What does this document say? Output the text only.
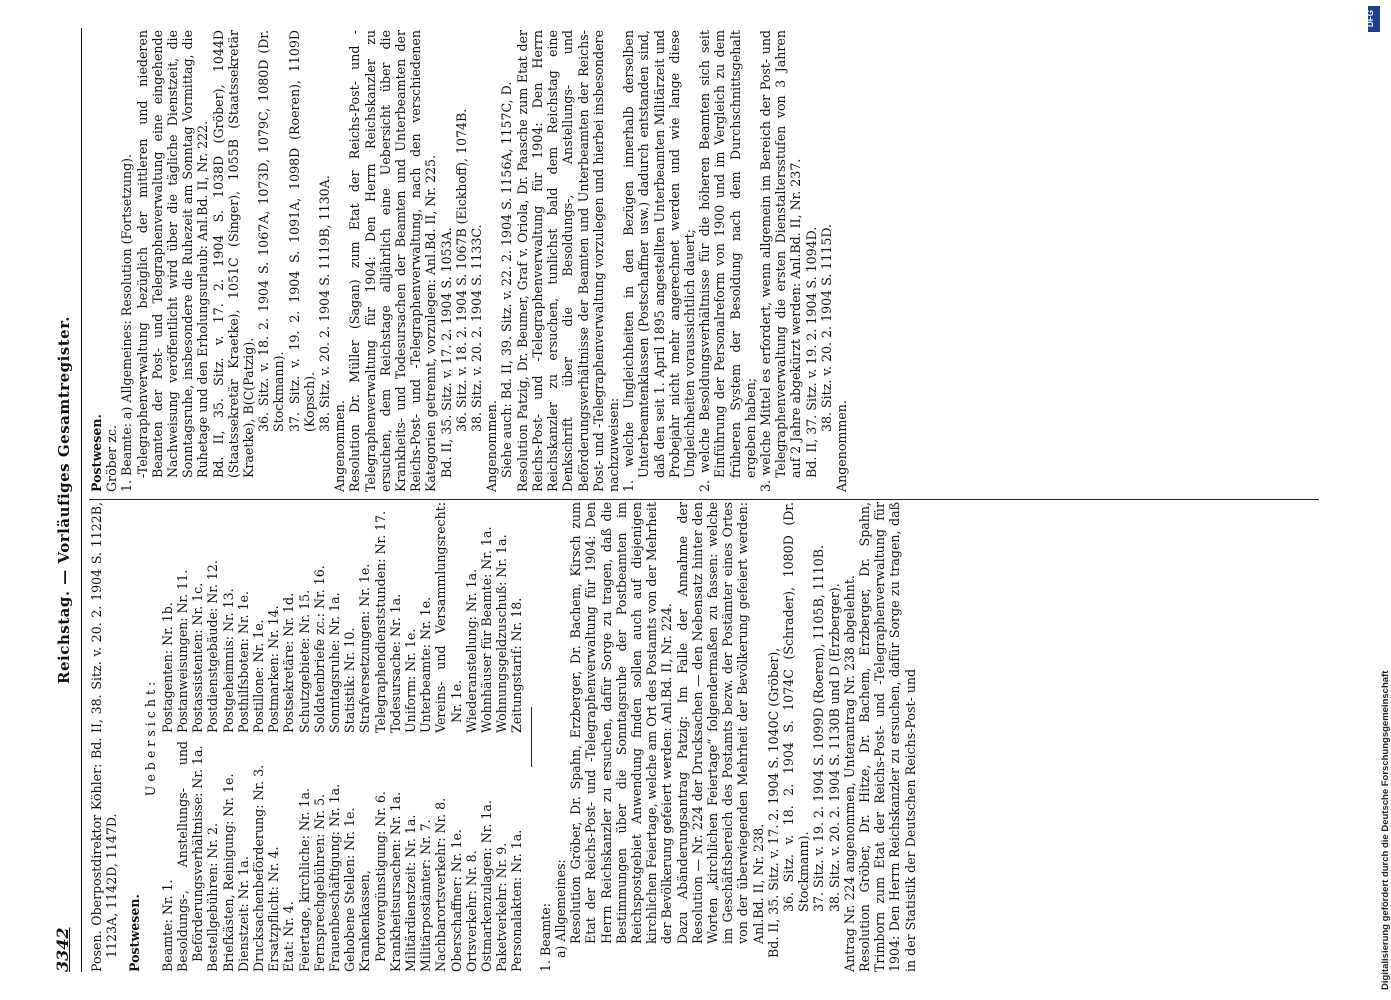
3342
Reichstag. — Vorläufiges Gesamtregister.

Posen. Oberpostdirektor Köhler: Bd. II, 38. Sitz. v. 20. 2. 1904 S. 1122B, 1123A, 1142D, 1147D. Postwesen.

Uebersicht:

Beamte: Nr. 1. Besoldungs-, Anstellungs- und Beförderungsverhältnisse: Nr. 1a. Bestellgebühren: Nr. 2. Briefkästen, Reinigung: Nr. 1e. Dienstzeit: Nr. 1a. Drucksachenbeförderung: Nr. 3. Ersatzpflicht: Nr. 4. Etat: Nr. 4. Feiertage, kirchliche: Nr. 1a. Fernsprechgebühren: Nr. 5. Frauenbeschäftigung: Nr. 1a. Gehobene Stellen: Nr. 1e. Krankenkassen, Portovergünstigung: Nr. 6. Krankheitsursachen: Nr. 1a. Militärdienstzeit: Nr. 1a. Militärpostämter: Nr. 7. Nachbarortsverkehr: Nr. 8. Oberschaffner: Nr. 1e. Ortsverkehr: Nr. 8. Ostmarkenzulagen: Nr. 1a. Paketverkehr: Nr. 9. Personalakten: Nr. 1a.

Postagenten: Nr. 1b. Postanweisungen: Nr. 11. Postassistenten: Nr. 1c. Postdienstgebäude: Nr. 12. Postgeheimnis: Nr. 13. Posthilfsboten: Nr. 1e. Postillone: Nr. 1e. Postmarken: Nr. 14. Postsekretäre: Nr. 1d. Schutzgebiete: Nr. 15. Soldatenbriefe zc.: Nr. 16. Sonntagsruhe: Nr. 1a. Statistik: Nr. 10. Strafversetzungen: Nr. 1e. Telegraphendienststunden: Nr. 17. Todesursache: Nr. 1a. Uniform: Nr. 1e. Unterbeamte: Nr. 1e. Vereins- und Versammlungsrecht: Nr. 1e. Wiederanstellung: Nr. 1a. Wohnhäuser für Beamte: Nr. 1a. Wohnungsgeldzuschuß: Nr. 1a. Zeitungstarif: Nr. 18.

1. Beamte: a) Allgemeines: Resolution Gröber, Dr. Spahn, Erzberger, Dr. Bachem, Kirsch zum Etat der Reichs-Post- und -Telegraphenverwaltung für 1904: Den Herrn Reichskanzler zu ersuchen, dafür Sorge zu tragen, daß die Bestimmungen über die Sonntagsruhe der Postbeamten im Reichspostgebiet Anwendung finden sollen auch auf diejenigen kirchlichen Feiertage, welche am Ort des Postamts von der Mehrheit der Bevölkerung gefeiert werden: Anl.Bd. II, Nr. 224. Dazu Abänderungsantrag Patzig: Im Falle der Annahme der Resolution — Nr. 224 der Drucksachen — den Nebensatz hinter den Worten „kirchlichen Feiertage“ folgendermaßen zu fassen: welche im Geschäftsbereich des Postamts bezw. der Postämter eines Ortes von der überwiegenden Mehrheit der Bevölkerung gefeiert werden: Anl.Bd. II, Nr. 238. Bd. II, 35. Sitz. v. 17. 2. 1904 S. 1040C (Gröber), 36. Sitz. v. 18. 2. 1904 S. 1074C (Schrader), 1080D (Dr. Stockmann). 37. Sitz. v. 19. 2. 1904 S. 1099D (Roeren), 1105B, 1110B. 38. Sitz. v. 20. 2. 1904 S. 1130B und D (Erzberger). Antrag Nr. 224 angenommen, Unterantrag Nr. 238 abgelehnt. Resolution Gröber, Dr. Hitze, Dr. Bachem, Erzberger, Dr. Spahn, Trimborn zum Etat der Reichs-Post- und -Telegraphenverwaltung für 1904: Den Herrn Reichskanzler zu ersuchen, dafür Sorge zu tragen, daß in der Statistik der Deutschen Reichs-Post- und

Postwesen. Gröber zc. 1. Beamte: a) Allgemeines: Resolution (Fortsetzung). -Telegraphenverwaltung bezüglich der mittleren und niederen Beamten der Post- und Telegraphenverwaltung eine eingehende Nachweisung veröffentlicht wird über die tägliche Dienstzeit, die Sonntagsruhe, insbesondere die Ruhezeit am Sonntag Vormittag, die Ruhetage und den Erholungsurlaub: Anl.Bd. II, Nr. 222. Bd. II, 35. Sitz. v. 17. 2. 1904 S. 1038D (Gröber), 1044D (Staatssekretär Kraetke), 1051C (Singer), 1055B (Staatssekretär Kraetke), B(C(Patzig). 36. Sitz. v. 18. 2. 1904 S. 1067A, 1073D, 1079C, 1080D (Dr. Stockmann). 37. Sitz. v. 19. 2. 1904 S. 1091A, 1098D (Roeren), 1109D (Kopsch). 38. Sitz. v. 20. 2. 1904 S. 1119B, 1130A.

Angenommen. Resolution Dr. Müller (Sagan) zum Etat der Reichs-Post- und -Telegraphenverwaltung für 1904: Den Herrn Reichskanzler zu ersuchen, dem Reichstage alljährlich eine Uebersicht über die Krankheits- und Todesursachen der Beamten und Unterbeamten der Reichs-Post- und -Telegraphenverwaltung, nach den verschiedenen Kategorien getrennt, vorzulegen: Anl.Bd. II, Nr. 225. Bd. II, 35. Sitz. v. 17. 2. 1904 S. 1053A. 36. Sitz. v. 18. 2. 1904 S. 1067B (Eickhoff), 1074B. 38. Sitz. v. 20. 2. 1904 S. 1133C.

Angenommen. Siehe auch: Bd. II, 39. Sitz. v. 22. 2. 1904 S. 1156A, 1157C, D. Resolution Patzig, Dr. Beumer, Graf v. Oriola, Dr. Paasche zum Etat der Reichs-Post- und -Telegraphenverwaltung für 1904: Den Herrn Reichskanzler zu ersuchen, tunlichst bald dem Reichstag eine Denkschrift über die Besoldungs-, Anstellungs- und Beförderungsverhältnisse der Beamten und Unterbeamten der Reichs-Post- und -Telegraphenverwaltung vorzulegen und hierbei insbesondere nachzuweisen: 1. welche Ungleichheiten in den Bezügen innerhalb derselben Unterbeamtenklassen (Postschaffner usw.) dadurch entstanden sind, daß den seit 1. April 1895 angestellten Unterbeamten Militärzeit und Probejahr nicht mehr angerechnet werden und wie lange diese Ungleichheiten voraussichtlich dauert; 2. welche Besoldungsverhältnisse für die höheren Beamten sich seit Einführung der Personalreform von 1900 und im Vergleich zu dem früheren System der Besoldung nach dem Durchschnittsgehalt ergeben haben; 3. welche Mittel es erfordert, wenn allgemein im Bereich der Post- und Telegraphenverwaltung die ersten Dienstaltersstufen von 3 Jahren auf 2 Jahre abgekürzt werden: Anl.Bd. II, Nr. 237. Bd. II, 37. Sitz. v. 19. 2. 1904 S. 1094D. 38. Sitz. v. 20. 2. 1904 S. 1115D.

Angenommen.

DFG
Digitalisierung gefördert durch die Deutsche Forschungsgemeinschaft
